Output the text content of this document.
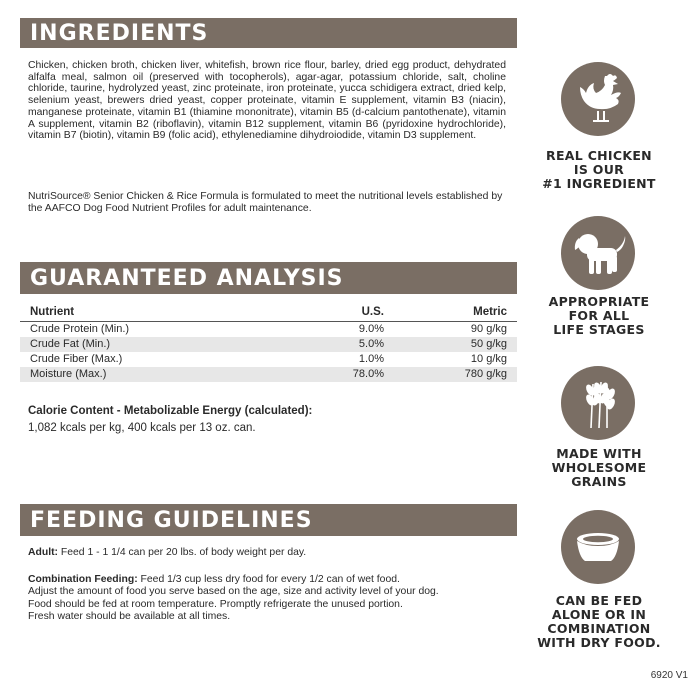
INGREDIENTS
Chicken, chicken broth, chicken liver, whitefish, brown rice flour, barley, dried egg product, dehydrated alfalfa meal, salmon oil (preserved with tocopherols), agar-agar, potassium chloride, salt, choline chloride, taurine, hydrolyzed yeast, zinc proteinate, iron proteinate, yucca schidigera extract, dried kelp, selenium yeast, brewers dried yeast, copper proteinate, vitamin E supplement, vitamin B3 (niacin), manganese proteinate, vitamin B1 (thiamine mononitrate), vitamin B5 (d-calcium pantothenate), vitamin A supplement, vitamin B2 (riboflavin), vitamin B12 supplement, vitamin B6 (pyridoxine hydrochloride), vitamin B7 (biotin), vitamin B9 (folic acid), ethylenediamine dihydroiodide, vitamin D3 supplement.
NutriSource® Senior Chicken & Rice Formula is formulated to meet the nutritional levels established by the AAFCO Dog Food Nutrient Profiles for adult maintenance.
GUARANTEED ANALYSIS
Nutrient	U.S.	Metric
Crude Protein (Min.)	9.0%	90 g/kg
Crude Fat (Min.)	5.0%	50 g/kg
Crude Fiber (Max.)	1.0%	10 g/kg
Moisture (Max.)	78.0%	780 g/kg
Calorie Content - Metabolizable Energy (calculated):
1,082 kcals per kg, 400 kcals per 13 oz. can.
FEEDING GUIDELINES

Adult: Feed 1 - 1 1/4 can per 20 lbs. of body weight per day.

Combination Feeding: Feed 1/3 cup less dry food for every 1/2 can of wet food.

Adjust the amount of food you serve based on the age, size and activity level of your dog.

Food should be fed at room temperature. Promptly refrigerate the unused portion.

Fresh water should be available at all times.

REAL CHICKEN
IS OUR
#1 INGREDIENT
APPROPRIATE
FOR ALL
LIFE STAGES
MADE WITH
WHOLESOME
GRAINS
CAN BE FED
ALONE OR IN
COMBINATION
WITH DRY FOOD.
6920 V1
